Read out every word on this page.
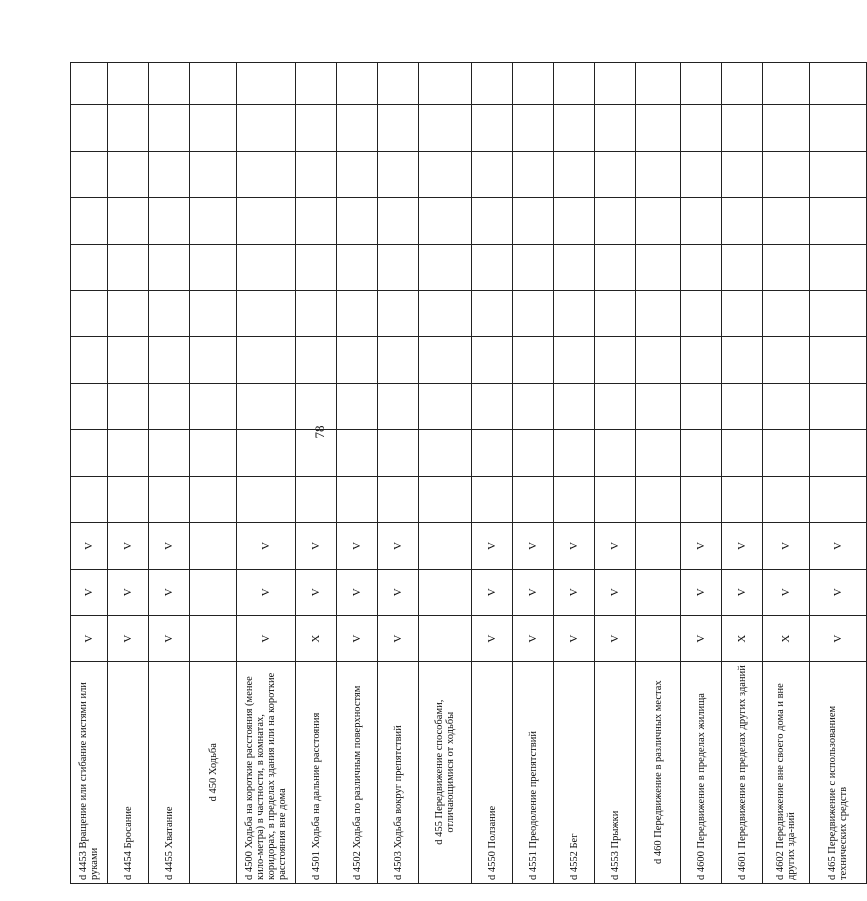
78
d 4453 Вращение или сгибание кистями или руками	V	V	V										
d 4454 Бросание	V	V	V										
d 4455 Хватание	V	V	V										
d 450 Ходьба													
d 4500 Ходьба на короткие расстояния (менее кило-метра) в частности, в комнатах, коридорах, в пределах здания или на короткие расстояния вне дома	V	V	V										
d 4501 Ходьба на дальние расстояния	X	V	V										
d 4502 Ходьба по различным поверхностям	V	V	V										
d 4503 Ходьба вокруг препятствий	V	V	V										
d 455 Передвижение способами, отличающимися от ходьбы													
d 4550 Ползание	V	V	V										
d 4551 Преодоление препятствий	V	V	V										
d 4552 Бег	V	V	V										
d 4553 Прыжки	V	V	V										
d 460 Передвижение в различных местах													
d 4600 Передвижение в пределах жилища	V	V	V										
d 4601 Передвижение в пределах других зданий	X	V	V										
d 4602 Передвижение вне своего дома и вне других зда-ний	X	V	V										
d 465 Передвижение с использованием технических средств	V	V	V										
